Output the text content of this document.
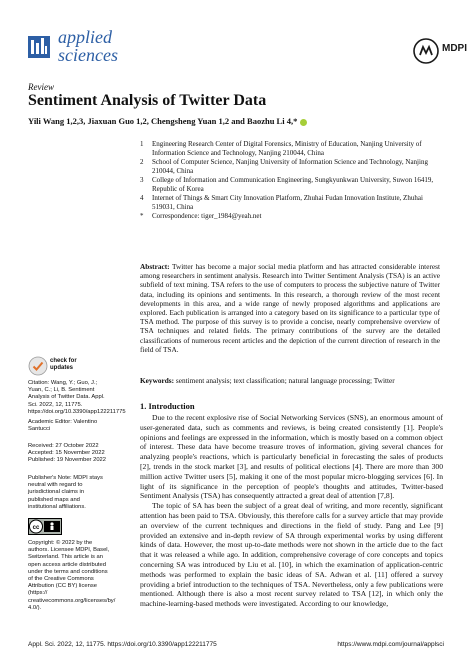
applied
sciences	MDPI
Review
Sentiment Analysis of Twitter Data
Yili Wang 1,2,3, Jiaxuan Guo 1,2, Chengsheng Yuan 1,2 and Baozhu Li 4,*
1	Engineering Research Center of Digital Forensics, Ministry of Education, Nanjing University of Information Science and Technology, Nanjing 210044, China
2	School of Computer Science, Nanjing University of Information Science and Technology, Nanjing 210044, China
3	College of Information and Communication Engineering, Sungkyunkwan University, Suwon 16419, Republic of Korea
4	Internet of Things & Smart City Innovation Platform, Zhuhai Fudan Innovation Institute, Zhuhai 519031, China
*	Correspondence: tiger_1984@yeah.net
Abstract: Twitter has become a major social media platform and has attracted considerable interest among researchers in sentiment analysis. Research into Twitter Sentiment Analysis (TSA) is an active subfield of text mining. TSA refers to the use of computers to process the subjective nature of Twitter data, including its opinions and sentiments. In this research, a thorough review of the most recent developments in this area, and a wide range of newly proposed algorithms and applications are explored. Each publication is arranged into a category based on its significance to a particular type of TSA method. The purpose of this survey is to provide a concise, nearly comprehensive overview of TSA techniques and related fields. The primary contributions of the survey are the detailed classifications of numerous recent articles and the depiction of the current direction of research in the field of TSA.
Keywords: sentiment analysis; text classification; natural language processing; Twitter
check for
updates
Citation: Wang, Y.; Guo, J.; Yuan, C.; Li, B. Sentiment Analysis of Twitter Data. Appl. Sci. 2022, 12, 11775. https://doi.org/10.3390/app122211775
Academic Editor: Valentino Santucci
Received: 27 October 2022
Accepted: 15 November 2022
Published: 19 November 2022
Publisher's Note: MDPI stays neutral with regard to jurisdictional claims in published maps and institutional affiliations.
cc
Copyright: © 2022 by the authors. Licensee MDPI, Basel, Switzerland. This article is an open access article distributed under the terms and conditions of the Creative Commons Attribution (CC BY) license (https:// creativecommons.org/licenses/by/ 4.0/).
1. Introduction

Due to the recent explosive rise of Social Networking Services (SNS), an enormous amount of user-generated data, such as comments and reviews, is being created consistently [1]. People's opinions and feelings are expressed in the information, which is mostly based on a common object of interest. These data have become treasure troves of information, giving several chances for analyzing people's reactions, which is particularly beneficial in forecasting the sales of products [2], trends in the stock market [3], and results of political elections [4]. There are more than 300 million active Twitter users [5], making it one of the most popular micro-blogging services [6]. In light of its significance in the perception of people's thoughts and attitudes, Twitter-based Sentiment Analysis (TSA) has consequently attracted a great deal of attention [7,8].

The topic of SA has been the subject of a great deal of writing, and more recently, significant attention has been paid to TSA. Obviously, this therefore calls for a survey article that may provide an overview of the current techniques and directions in the field of study. Pang and Lee [9] provided an extensive and in-depth review of SA through experimental works by using different kinds of data. However, the most up-to-date methods were not shown in the article due to the fact that it was released a while ago. In addition, comprehensive coverage of core concepts and topics concerning SA was introduced by Liu et al. [10], in which the examination of application-centric methods was performed to explain the basic ideas of SA. Adwan et al. [11] offered a survey providing a brief introduction to the techniques of TSA. Nevertheless, only a few publications were mentioned. Although there is also a most recent survey related to TSA [12], in which only the machine-learning-based methods were investigated. According to our knowledge,

Appl. Sci. 2022, 12, 11775. https://doi.org/10.3390/app122211775	https://www.mdpi.com/journal/applsci
